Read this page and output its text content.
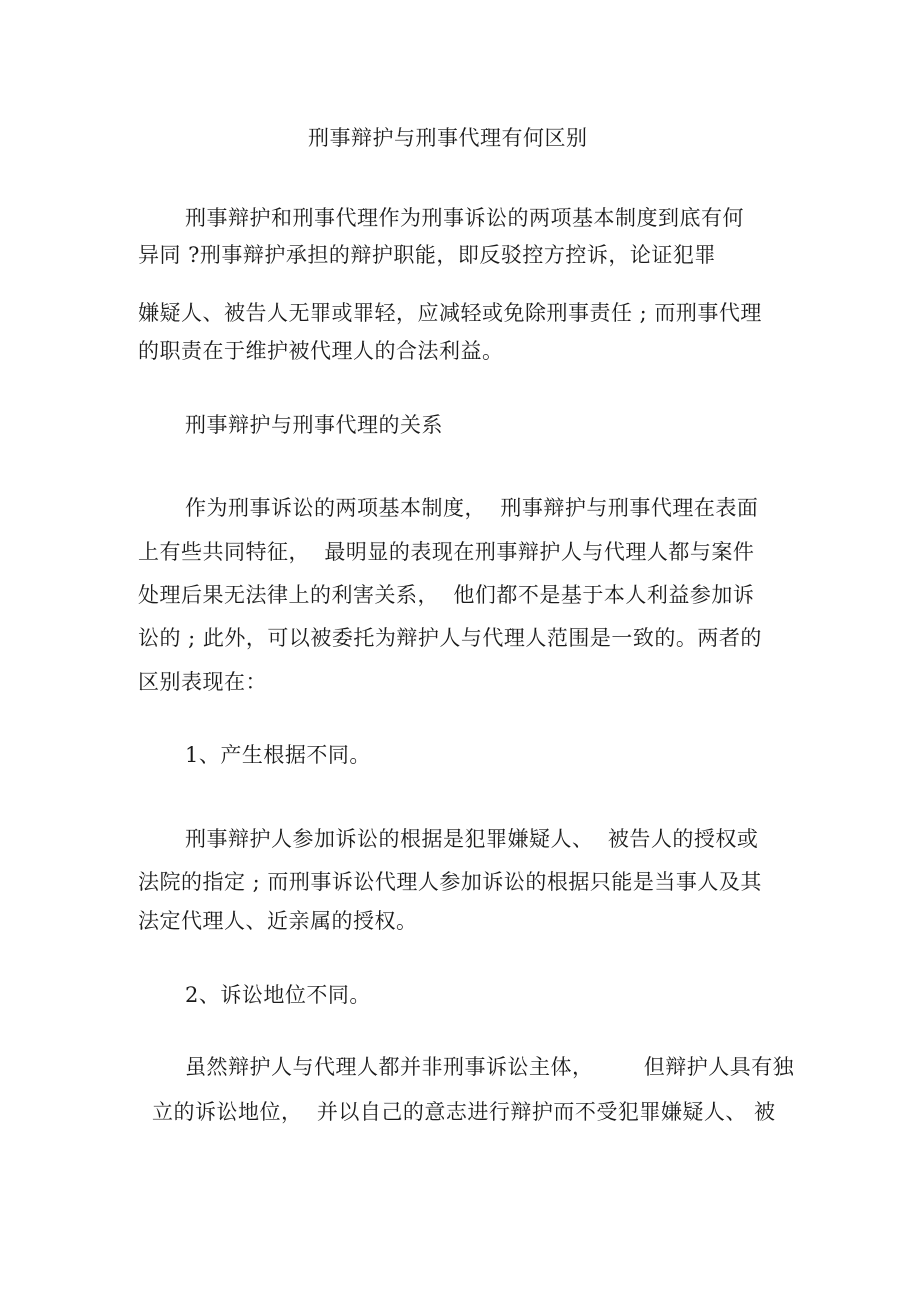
刑事辩护与刑事代理有何区别
刑事辩护和刑事代理作为刑事诉讼的两项基本制度到底有何
异同 ?刑事辩护承担的辩护职能，即反驳控方控诉，论证犯罪
嫌疑人、被告人无罪或罪轻，应减轻或免除刑事责任 ; 而刑事代理
的职责在于维护被代理人的合法利益。
刑事辩护与刑事代理的关系
作为刑事诉讼的两项基本制度，  刑事辩护与刑事代理在表面
上有些共同特征，  最明显的表现在刑事辩护人与代理人都与案件
处理后果无法律上的利害关系，  他们都不是基于本人利益参加诉
讼的 ; 此外，可以被委托为辩护人与代理人范围是一致的。两者的
区别表现在：
1、产生根据不同。
刑事辩护人参加诉讼的根据是犯罪嫌疑人、  被告人的授权或
法院的指定 ; 而刑事诉讼代理人参加诉讼的根据只能是当事人及其
法定代理人、近亲属的授权。
2、诉讼地位不同。
虽然辩护人与代理人都并非刑事诉讼主体，       但辩护人具有独
立的诉讼地位，  并以自己的意志进行辩护而不受犯罪嫌疑人、 被
